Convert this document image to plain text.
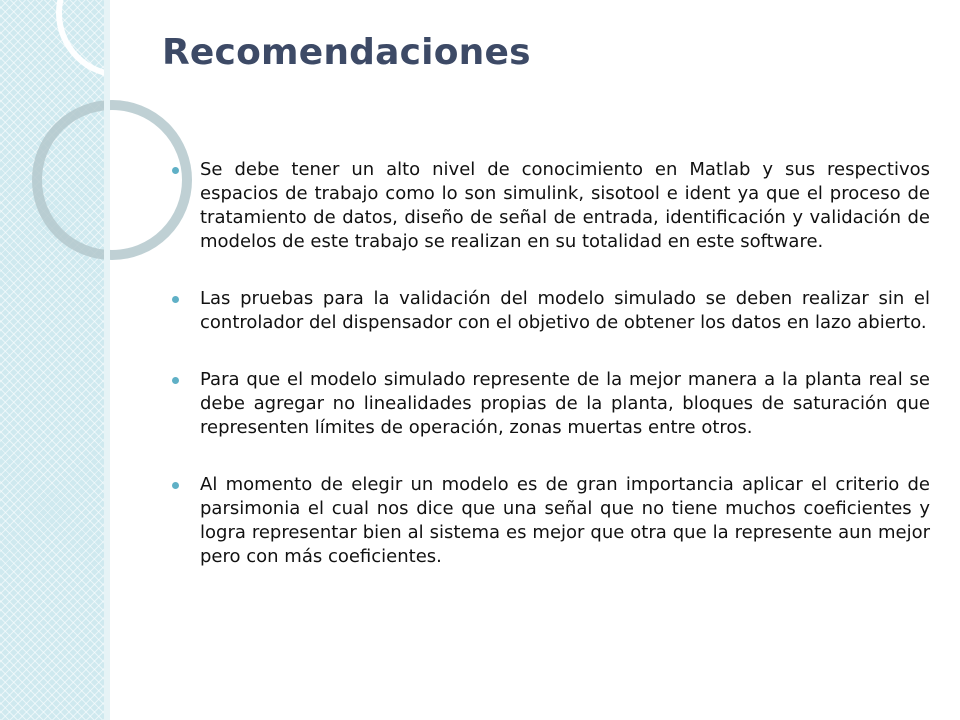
Recomendaciones
Se debe tener un alto nivel de conocimiento en Matlab y sus respectivos espacios de trabajo como lo son simulink, sisotool e ident ya que el proceso de tratamiento de datos, diseño de señal de entrada, identificación y validación de modelos de este trabajo se realizan en su totalidad en este software.
Las pruebas para la validación del modelo simulado se deben realizar sin el controlador del dispensador con el objetivo de obtener los datos en lazo abierto.
Para que el modelo simulado represente de la mejor manera a la planta real se debe agregar no linealidades propias de la planta, bloques de saturación que representen límites de operación, zonas muertas entre otros.
Al momento de elegir un modelo es de gran importancia aplicar el criterio de parsimonia el cual nos dice que una señal que no tiene muchos coeficientes y logra representar bien al sistema es mejor que otra que la represente aun mejor pero con más coeficientes.
